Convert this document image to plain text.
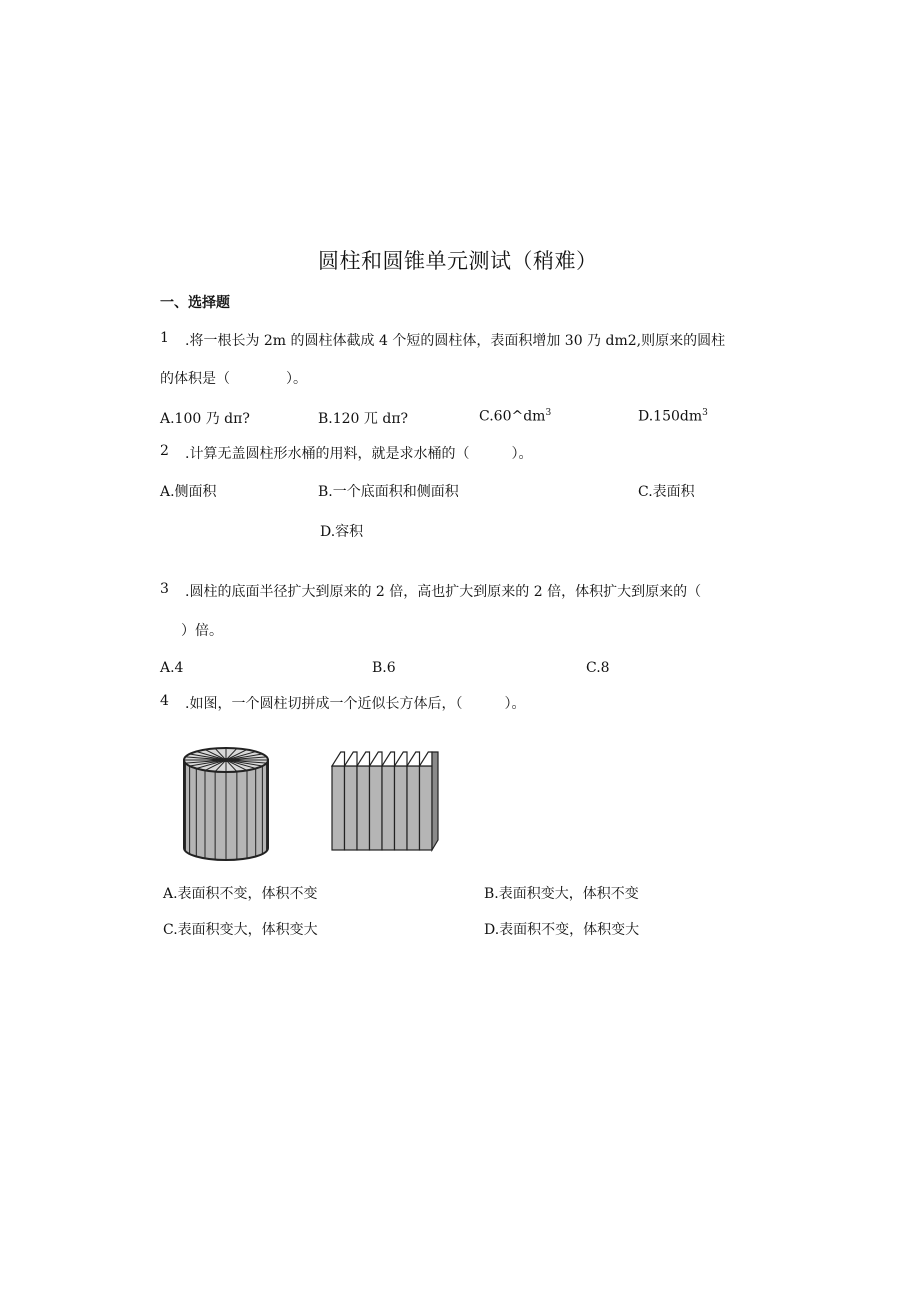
圆柱和圆锥单元测试（稍难）
一、选择题
1 .将一根长为 2m 的圆柱体截成 4 个短的圆柱体，表面积增加 30 乃 dm2,则原来的圆柱
的体积是（　　　　）。
A.100 乃 dπ?	B.120 兀 dπ?	$C.60\^{}dm^3$	$D.150dm^3$
2 .计算无盖圆柱形水桶的用料，就是求水桶的（　　　）。
A.侧面积	B.一个底面积和侧面积	C.表面积
D.容积
3 .圆柱的底面半径扩大到原来的 2 倍，高也扩大到原来的 2 倍，体积扩大到原来的（
）倍。
A.4	B.6	C.8
4 .如图，一个圆柱切拼成一个近似长方体后，（　　　）。
A.表面积不变，体积不变	B.表面积变大，体积不变
C.表面积变大，体积变大	D.表面积不变，体积变大
